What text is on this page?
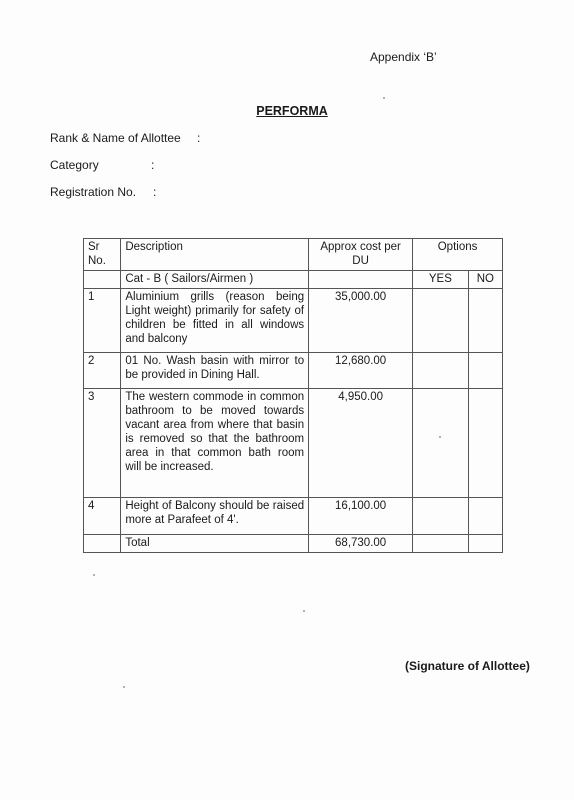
Appendix ‘B’
PERFORMA
Rank & Name of Allottee :
Category	:
Registration No. :
Sr No.	Description	Approx cost per DU	Options	
	Cat - B ( Sailors/Airmen )		YES	NO
1	Aluminium grills (reason being Light weight) primarily for safety of children be fitted in all windows and balcony	35,000.00		
2	01 No. Wash basin with mirror to be provided in Dining Hall.	12,680.00		
3	The western commode in common bathroom to be moved towards vacant area from where that basin is removed so that the bathroom area in that common bath room will be increased.	4,950.00		
4	Height of Balcony should be raised more at Parafeet of 4'.	16,100.00		
	Total	68,730.00		
(Signature of Allottee)
